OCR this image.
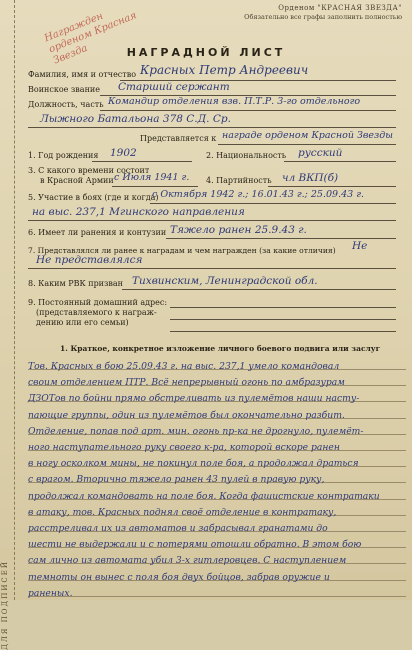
ДЛЯ ПОДПИСЕЙ
Орденом "КРАСНАЯ ЗВЕЗДА"
Обязательно все графы заполнить полностью
Награжден орденом Красная Звезда	НАГРАДНОЙ ЛИСТ
Фамилия, имя и отчество Красных Петр Андреевич
Воинское звание Старший сержант
Должность, часть Командир отделения взв. П.Т.Р. 3-го отдельного
Лыжного Батальона 378 С.Д. Ср.
Представляется к награде орденом Красной Звезды
1. Год рождения 1902	2. Национальность русский
3. С какого времени состоит
в Красной Армии с Июля 1941 г. 4. Партийность чл ВКП(б)
5. Участие в боях (где и когда)
с Октября 1942 г.; 16.01.43 г.; 25.09.43 г.
на выс. 237,1 Мгинского направления
6. Имеет ли ранения и контузии Тяжело ранен 25.9.43 г.
7. Представлялся ли ранее к наградам и чем награжден (за какие отличия) Не
Не представлялся
8. Каким РВК призван Тихвинским, Ленинградской обл.
9. Постоянный домашний адрес:
(представляемого к награж-
дению или его семьи)
1. Краткое, конкретное изложение личного боевого подвига или заслуг
Тов. Красных в бою 25.09.43 г. на выс. 237,1 умело командовал
своим отделением ПТР. Всё непрерывный огонь по амбразурам
ДЗОТов по бойни прямо обстреливать из пулемётов наши насту-
пающие группы, один из пулемётов был окончательно разбит.
Отделение, попав под арт. мин. огонь пр-ка не дрогнуло, пулемёт-
ного наступательного руку своего к-ра, которой вскоре ранен
в ногу осколком мины, не покинул поле боя, а продолжал драться
с врагом. Вторично тяжело ранен 43 пулей в правую руку,
продолжал командовать на поле боя. Когда фашистские контратаки
в атаку, тов. Красных поднял своё отделение в контратаку,
расстреливал их из автоматов и забрасывал гранатами до
шести не выдержали и с потерями отошли обратно. В этом бою
сам лично из автомата убил 3-х гитлеровцев. С наступлением
темноты он вынес с поля боя двух бойцов, забрав оружие и
раненых.
